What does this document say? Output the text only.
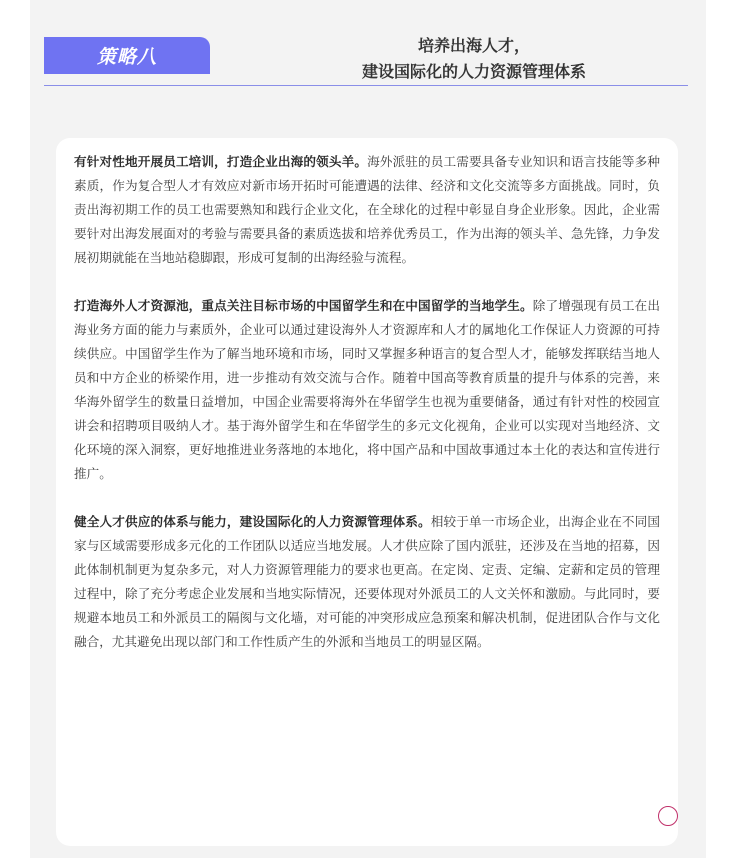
策略八
培养出海人才，
建设国际化的人力资源管理体系

有针对性地开展员工培训，打造企业出海的领头羊。海外派驻的员工需要具备专业知识和语言技能等多种素质，作为复合型人才有效应对新市场开拓时可能遭遇的法律、经济和文化交流等多方面挑战。同时，负责出海初期工作的员工也需要熟知和践行企业文化，在全球化的过程中彰显自身企业形象。因此，企业需要针对出海发展面对的考验与需要具备的素质选拔和培养优秀员工，作为出海的领头羊、急先锋，力争发展初期就能在当地站稳脚跟，形成可复制的出海经验与流程。

打造海外人才资源池，重点关注目标市场的中国留学生和在中国留学的当地学生。除了增强现有员工在出海业务方面的能力与素质外，企业可以通过建设海外人才资源库和人才的属地化工作保证人力资源的可持续供应。中国留学生作为了解当地环境和市场，同时又掌握多种语言的复合型人才，能够发挥联结当地人员和中方企业的桥梁作用，进一步推动有效交流与合作。随着中国高等教育质量的提升与体系的完善，来华海外留学生的数量日益增加，中国企业需要将海外在华留学生也视为重要储备，通过有针对性的校园宣讲会和招聘项目吸纳人才。基于海外留学生和在华留学生的多元文化视角，企业可以实现对当地经济、文化环境的深入洞察，更好地推进业务落地的本地化，将中国产品和中国故事通过本土化的表达和宣传进行推广。

健全人才供应的体系与能力，建设国际化的人力资源管理体系。相较于单一市场企业，出海企业在不同国家与区域需要形成多元化的工作团队以适应当地发展。人才供应除了国内派驻，还涉及在当地的招募，因此体制机制更为复杂多元，对人力资源管理能力的要求也更高。在定岗、定责、定编、定薪和定员的管理过程中，除了充分考虑企业发展和当地实际情况，还要体现对外派员工的人文关怀和激励。与此同时，要规避本地员工和外派员工的隔阂与文化墙，对可能的冲突形成应急预案和解决机制，促进团队合作与文化融合，尤其避免出现以部门和工作性质产生的外派和当地员工的明显区隔。
